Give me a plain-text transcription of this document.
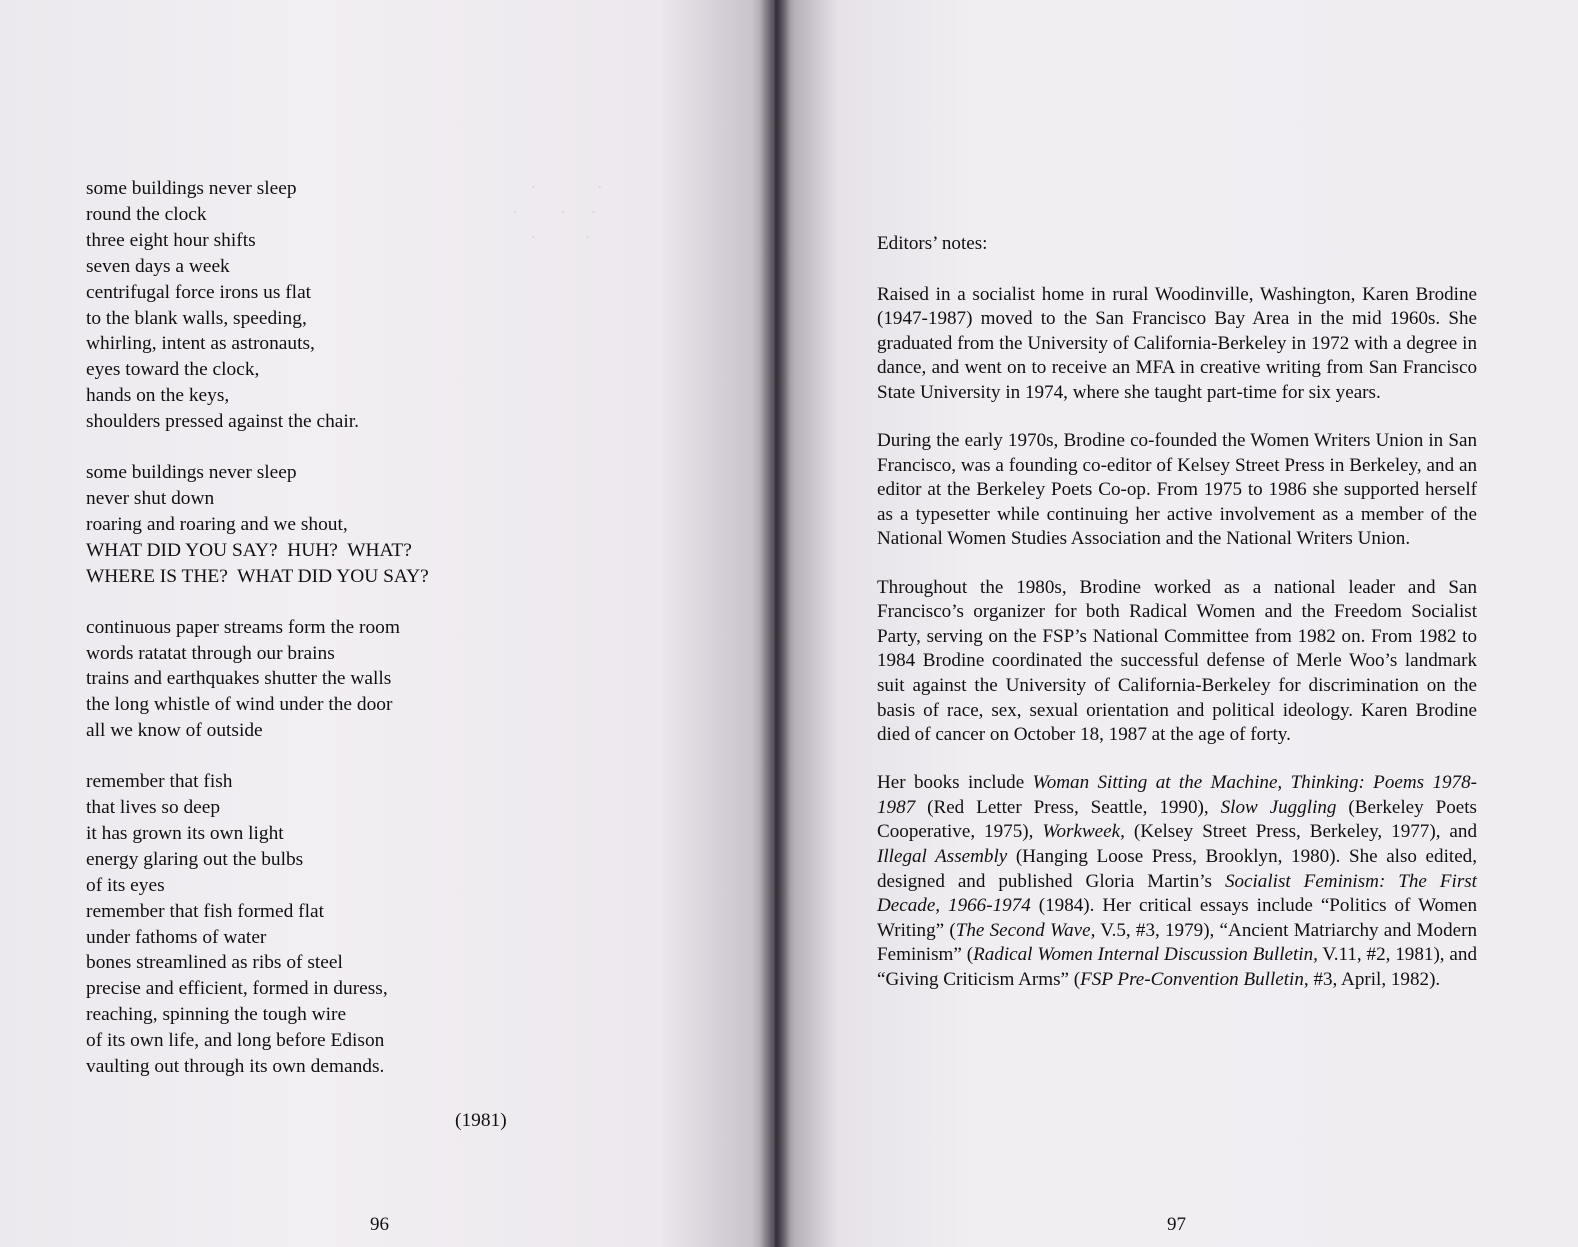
.          .
.       .    .
.        .
some buildings never sleep
round the clock
three eight hour shifts
seven days a week
centrifugal force irons us flat
to the blank walls, speeding,
whirling, intent as astronauts,
eyes toward the clock,
hands on the keys,
shoulders pressed against the chair.
some buildings never sleep
never shut down
roaring and roaring and we shout,
WHAT DID YOU SAY?  HUH?  WHAT?
WHERE IS THE?  WHAT DID YOU SAY?
continuous paper streams form the room
words ratatat through our brains
trains and earthquakes shutter the walls
the long whistle of wind under the door
all we know of outside
remember that fish
that lives so deep
it has grown its own light
energy glaring out the bulbs
of its eyes
remember that fish formed flat
under fathoms of water
bones streamlined as ribs of steel
precise and efficient, formed in duress,
reaching, spinning the tough wire
of its own life, and long before Edison
vaulting out through its own demands.
(1981)
96
Editors’ notes:

Raised in a socialist home in rural Woodinville, Washington, Karen Brodine (1947-1987) moved to the San Francisco Bay Area in the mid 1960s. She graduated from the University of California-Berkeley in 1972 with a degree in dance, and went on to receive an MFA in creative writing from San Francisco State University in 1974, where she taught part-time for six years.

During the early 1970s, Brodine co-founded the Women Writers Union in San Francisco, was a founding co-editor of Kelsey Street Press in Berkeley, and an editor at the Berkeley Poets Co-op. From 1975 to 1986 she supported herself as a typesetter while continuing her active involvement as a member of the National Women Studies Association and the National Writers Union.

Throughout the 1980s, Brodine worked as a national leader and San Francisco’s organizer for both Radical Women and the Freedom Socialist Party, serving on the FSP’s National Committee from 1982 on. From 1982 to 1984 Brodine coordinated the successful defense of Merle Woo’s landmark suit against the University of California-Berkeley for discrimination on the basis of race, sex, sexual orientation and political ideology. Karen Brodine died of cancer on October 18, 1987 at the age of forty.

Her books include Woman Sitting at the Machine, Thinking: Poems 1978-1987 (Red Letter Press, Seattle, 1990), Slow Juggling (Berkeley Poets Cooperative, 1975), Workweek, (Kelsey Street Press, Berkeley, 1977), and Illegal Assembly (Hanging Loose Press, Brooklyn, 1980). She also edited, designed and published Gloria Martin’s Socialist Feminism: The First Decade, 1966-1974 (1984). Her critical essays include “Politics of Women Writing” (The Second Wave, V.5, #3, 1979), “Ancient Matriarchy and Modern Feminism” (Radical Women Internal Discussion Bulletin, V.11, #2, 1981), and “Giving Criticism Arms” (FSP Pre-Convention Bulletin, #3, April, 1982).

97
